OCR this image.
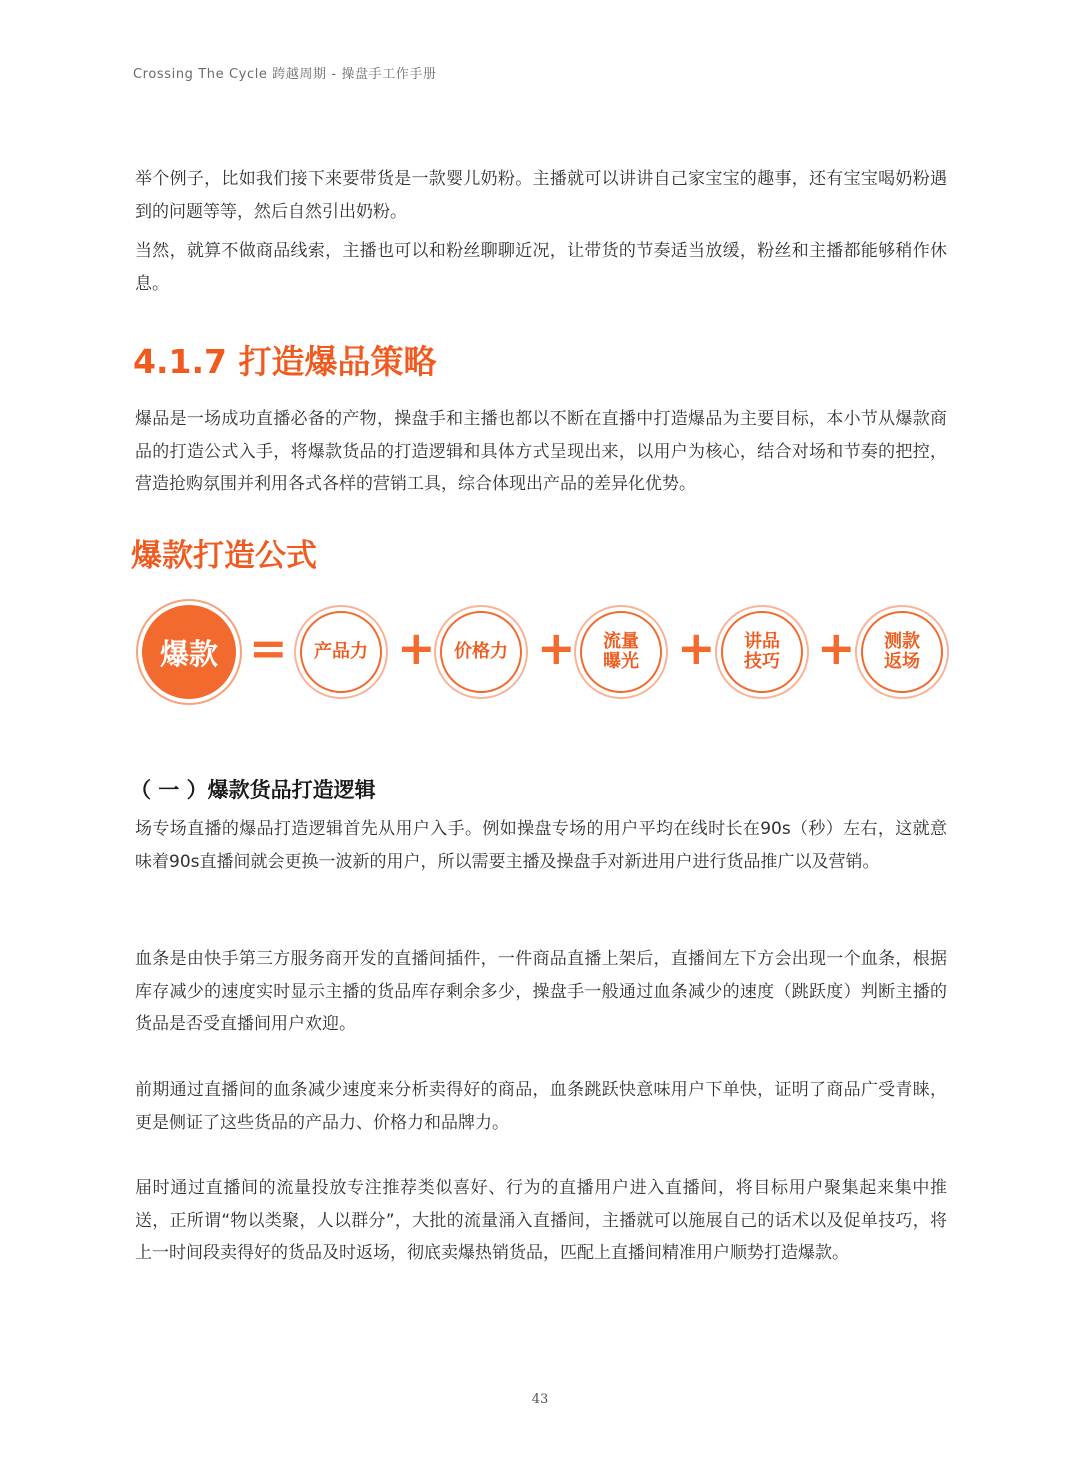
Crossing The Cycle 跨越周期 - 操盘手工作手册

举个例子，比如我们接下来要带货是一款婴儿奶粉。主播就可以讲讲自己家宝宝的趣事，还有宝宝喝奶粉遇到的问题等等，然后自然引出奶粉。

当然，就算不做商品线索，主播也可以和粉丝聊聊近况，让带货的节奏适当放缓，粉丝和主播都能够稍作休息。

4.1.7 打造爆品策略

爆品是一场成功直播必备的产物，操盘手和主播也都以不断在直播中打造爆品为主要目标，本小节从爆款商品的打造公式入手，将爆款货品的打造逻辑和具体方式呈现出来，以用户为核心，结合对场和节奏的把控，营造抢购氛围并利用各式各样的营销工具，综合体现出产品的差异化优势。

爆款打造公式
爆款 = 产品力 + 价格力 + 流量
曝光 + 讲品
技巧 + 测款
返场
（ 一 ）爆款货品打造逻辑

场专场直播的爆品打造逻辑首先从用户入手。例如操盘专场的用户平均在线时长在90s（秒）左右，这就意味着90s直播间就会更换一波新的用户，所以需要主播及操盘手对新进用户进行货品推广以及营销。

血条是由快手第三方服务商开发的直播间插件，一件商品直播上架后，直播间左下方会出现一个血条，根据库存减少的速度实时显示主播的货品库存剩余多少，操盘手一般通过血条减少的速度（跳跃度）判断主播的货品是否受直播间用户欢迎。

前期通过直播间的血条减少速度来分析卖得好的商品，血条跳跃快意味用户下单快，证明了商品广受青睐，更是侧证了这些货品的产品力、价格力和品牌力。

届时通过直播间的流量投放专注推荐类似喜好、行为的直播用户进入直播间，将目标用户聚集起来集中推送，正所谓“物以类聚，人以群分”，大批的流量涌入直播间，主播就可以施展自己的话术以及促单技巧，将上一时间段卖得好的货品及时返场，彻底卖爆热销货品，匹配上直播间精准用户顺势打造爆款。

43
